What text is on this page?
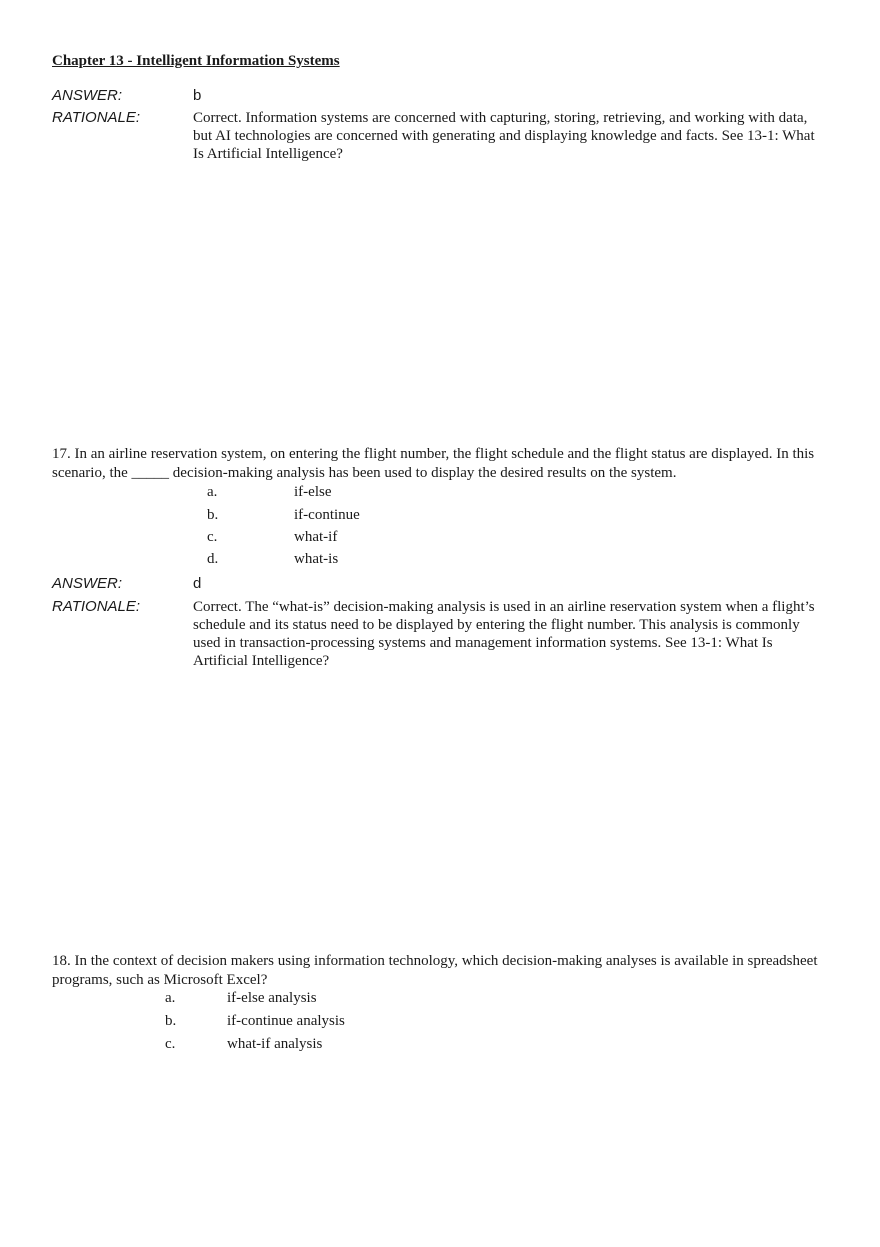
Chapter 13 - Intelligent Information Systems
ANSWER:	b
RATIONALE:	Correct. Information systems are concerned with capturing, storing, retrieving, and working with data, but AI technologies are concerned with generating and displaying knowledge and facts. See 13-1: What Is Artificial Intelligence?
17. In an airline reservation system, on entering the flight number, the flight schedule and the flight status are displayed. In this scenario, the _____ decision-making analysis has been used to display the desired results on the system.
a.	if-else
b.	if-continue
c.	what-if
d.	what-is
ANSWER:	d
RATIONALE:	Correct. The “what-is” decision-making analysis is used in an airline reservation system when a flight’s schedule and its status need to be displayed by entering the flight number. This analysis is commonly used in transaction-processing systems and management information systems. See 13-1: What Is Artificial Intelligence?
18. In the context of decision makers using information technology, which decision-making analyses is available in spreadsheet programs, such as Microsoft Excel?
a.	if-else analysis
b.	if-continue analysis
c.	what-if analysis
